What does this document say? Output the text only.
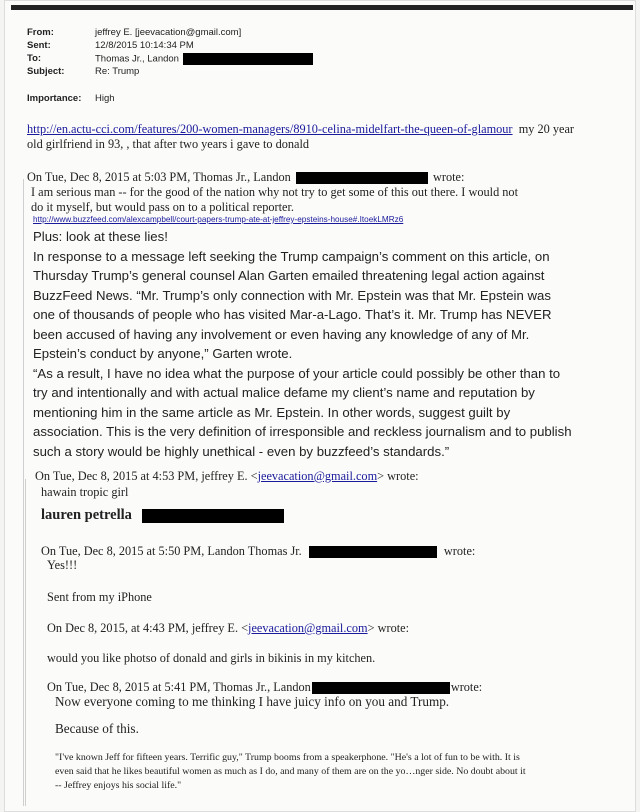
From:	jeffrey E. [jeevacation@gmail.com]
Sent:	12/8/2015 10:14:34 PM
To:	Thomas Jr., Landon
Subject:	Re: Trump
Importance: High
http://en.actu-cci.com/features/200-women-managers/8910-celina-midelfart-the-queen-of-glamour my 20 year
old girlfriend in 93, , that after two years i gave to donald
On Tue, Dec 8, 2015 at 5:03 PM, Thomas Jr., Landon	wrote:
I am serious man -- for the good of the nation why not try to get some of this out there. I would not
do it myself, but would pass on to a political reporter.
http://www.buzzfeed.com/alexcampbell/court-papers-trump-ate-at-jeffrey-epsteins-house#.ItoekLMRz6
Plus: look at these lies!
In response to a message left seeking the Trump campaign’s comment on this article, on
Thursday Trump’s general counsel Alan Garten emailed threatening legal action against
BuzzFeed News. “Mr. Trump’s only connection with Mr. Epstein was that Mr. Epstein was
one of thousands of people who has visited Mar-a-Lago. That’s it. Mr. Trump has NEVER
been accused of having any involvement or even having any knowledge of any of Mr.
Epstein’s conduct by anyone,” Garten wrote.
“As a result, I have no idea what the purpose of your article could possibly be other than to
try and intentionally and with actual malice defame my client’s name and reputation by
mentioning him in the same article as Mr. Epstein. In other words, suggest guilt by
association. This is the very definition of irresponsible and reckless journalism and to publish
such a story would be highly unethical - even by buzzfeed’s standards.”
On Tue, Dec 8, 2015 at 4:53 PM, jeffrey E. <jeevacation@gmail.com> wrote:
hawain tropic girl
lauren petrella
On Tue, Dec 8, 2015 at 5:50 PM, Landon Thomas Jr.	wrote:
Yes!!!
Sent from my iPhone
On Dec 8, 2015, at 4:43 PM, jeffrey E. <jeevacation@gmail.com> wrote:
would you like photso of donald and girls in bikinis in my kitchen.
On Tue, Dec 8, 2015 at 5:41 PM, Thomas Jr., Landon	wrote:
Now everyone coming to me thinking I have juicy info on you and Trump.
Because of this.
"I've known Jeff for fifteen years. Terrific guy," Trump booms from a speakerphone. "He's a lot of fun to be with. It is
even said that he likes beautiful women as much as I do, and many of them are on the yo…nger side. No doubt about it
-- Jeffrey enjoys his social life."
